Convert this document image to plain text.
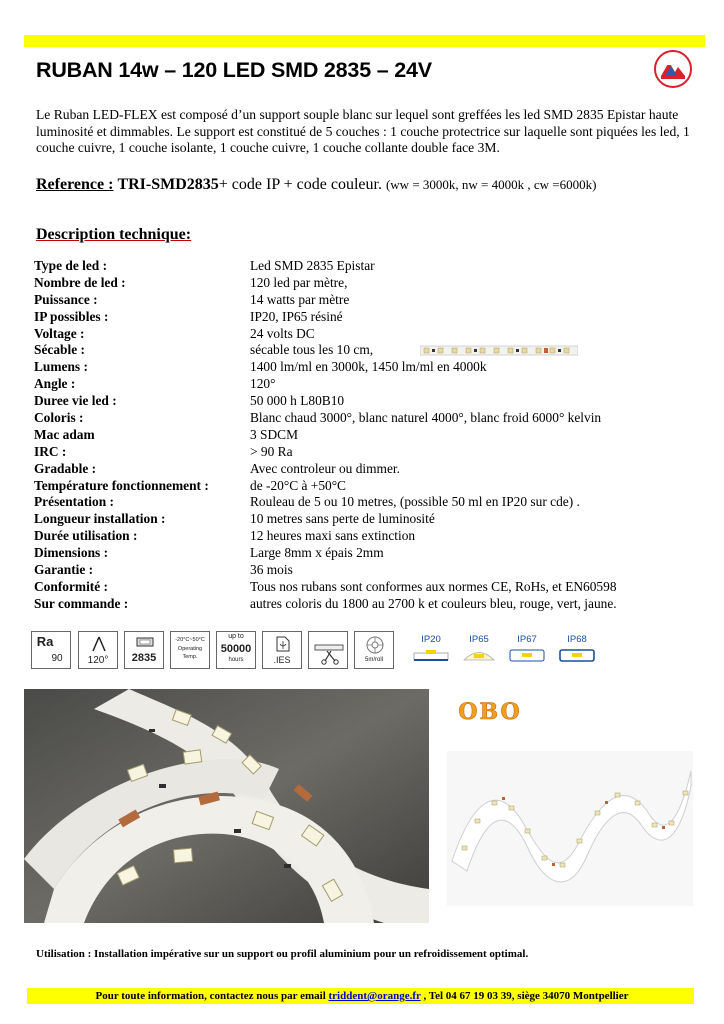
RUBAN 14w – 120 LED SMD 2835 – 24V
Le Ruban LED-FLEX est composé d’un support souple blanc sur lequel sont greffées les led SMD 2835 Epistar haute luminosité et dimmables. Le support est constitué de 5 couches : 1 couche protectrice sur laquelle sont piquées les led, 1 couche cuivre, 1 couche isolante, 1 couche cuivre, 1 couche collante double face 3M.
Reference : TRI-SMD2835+ code IP + code couleur. (ww = 3000k, nw = 4000k , cw =6000k)
Description technique:
Type de led :	Led SMD 2835 Epistar
Nombre de led :	120 led par mètre,
Puissance :	14 watts par mètre
IP possibles :	IP20, IP65 résiné
Voltage :	24 volts DC
Sécable :	sécable tous les 10 cm,
Lumens :	1400 lm/ml en 3000k, 1450 lm/ml en 4000k
Angle :	120°
Duree vie led :	50 000 h L80B10
Coloris :	Blanc chaud 3000°, blanc naturel 4000°, blanc froid 6000° kelvin
Mac adam	3 SDCM
IRC :	> 90 Ra
Gradable :	Avec controleur ou dimmer.
Température fonctionnement :	de -20°C à +50°C
Présentation :	Rouleau de 5 ou 10 metres, (possible 50 ml en IP20 sur cde) .
Longueur installation :	10 metres sans perte de luminosité
Durée utilisation :	12 heures maxi sans extinction
Dimensions :	Large 8mm x épais 2mm
Garantie :	36 mois
Conformité :	Tous nos rubans sont conformes aux normes CE, RoHs, et EN60598
Sur commande :	autres coloris du 1800 au 2700 k et couleurs bleu, rouge, vert, jaune.
Ra
90	120°	2835
-20°C~50°C
Operating
Temp.
up to
50000
hours	.IES	5m/roll
IP20	IP65	IP67	IP68
OBO
Utilisation : Installation impérative sur un support ou profil aluminium pour un refroidissement optimal.
Pour toute information, contactez nous par email triddent@orange.fr , Tel 04 67 19 03 39, siège 34070 Montpellier
